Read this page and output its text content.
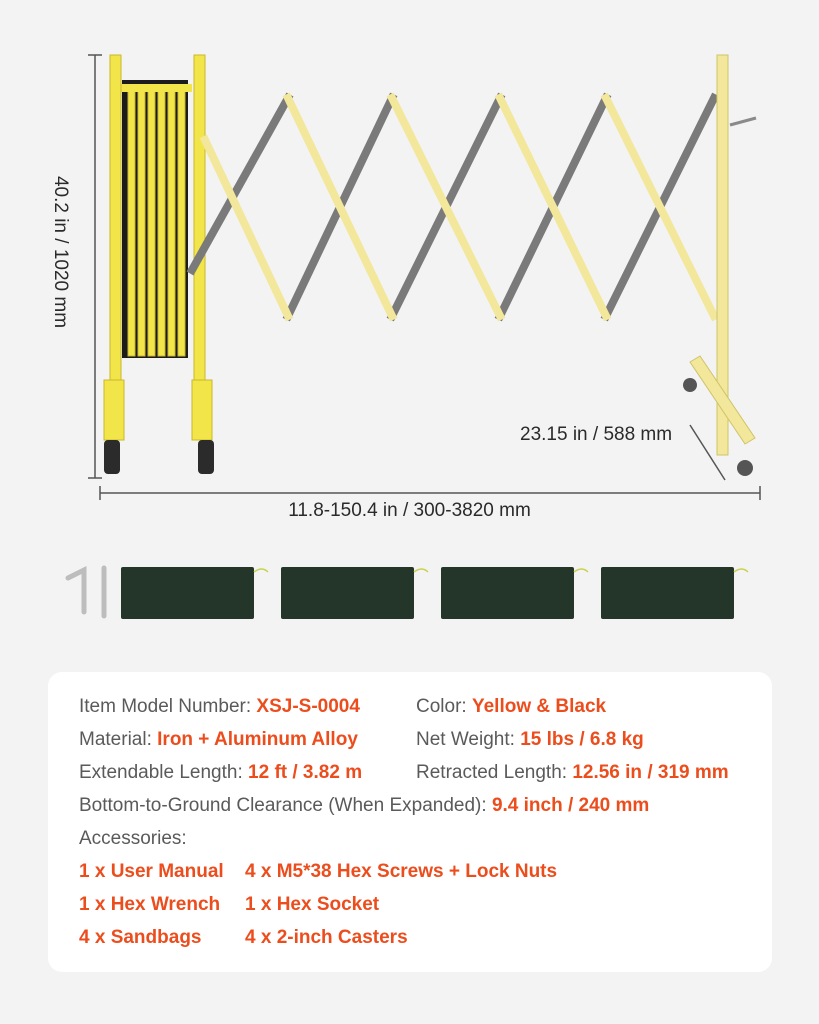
40.2 in / 1020 mm
23.15 in / 588 mm
11.8-150.4 in / 300-3820 mm
Item Model Number: XSJ-S-0004	Color: Yellow & Black
Material: Iron + Aluminum Alloy	Net Weight: 15 lbs / 6.8 kg
Extendable Length: 12 ft / 3.82 m	Retracted Length: 12.56 in / 319 mm
Bottom-to-Ground Clearance (When Expanded): 9.4 inch / 240 mm
Accessories:
1 x User Manual 4 x M5*38 Hex Screws + Lock Nuts
1 x Hex Wrench 1 x Hex Socket
4 x Sandbags 4 x 2-inch Casters
